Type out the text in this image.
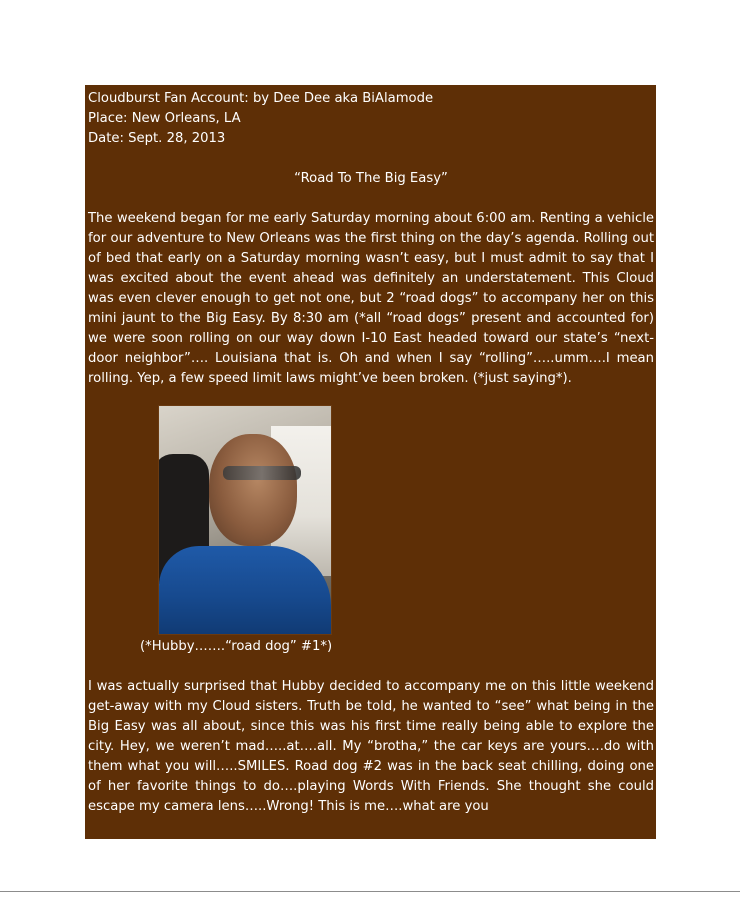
Cloudburst Fan Account: by Dee Dee aka BiAlamode
Place: New Orleans, LA
Date: Sept. 28, 2013
“Road To The Big Easy”

The weekend began for me early Saturday morning about 6:00 am. Renting a vehicle for our adventure to New Orleans was the first thing on the day’s agenda. Rolling out of bed that early on a Saturday morning wasn’t easy, but I must admit to say that I was excited about the event ahead was definitely an understatement. This Cloud was even clever enough to get not one, but 2 “road dogs” to accompany her on this mini jaunt to the Big Easy. By 8:30 am (*all “road dogs” present and accounted for) we were soon rolling on our way down I-10 East headed toward our state’s “next-door neighbor”…. Louisiana that is. Oh and when I say “rolling”…..umm….I mean rolling. Yep, a few speed limit laws might’ve been broken. (*just saying*).

(*Hubby…….“road dog” #1*)

I was actually surprised that Hubby decided to accompany me on this little weekend get-away with my Cloud sisters. Truth be told, he wanted to “see” what being in the Big Easy was all about, since this was his first time really being able to explore the city. Hey, we weren’t mad…..at….all. My “brotha,” the car keys are yours….do with them what you will…..SMILES. Road dog #2 was in the back seat chilling, doing one of her favorite things to do….playing Words With Friends. She thought she could escape my camera lens…..Wrong! This is me….what are you
